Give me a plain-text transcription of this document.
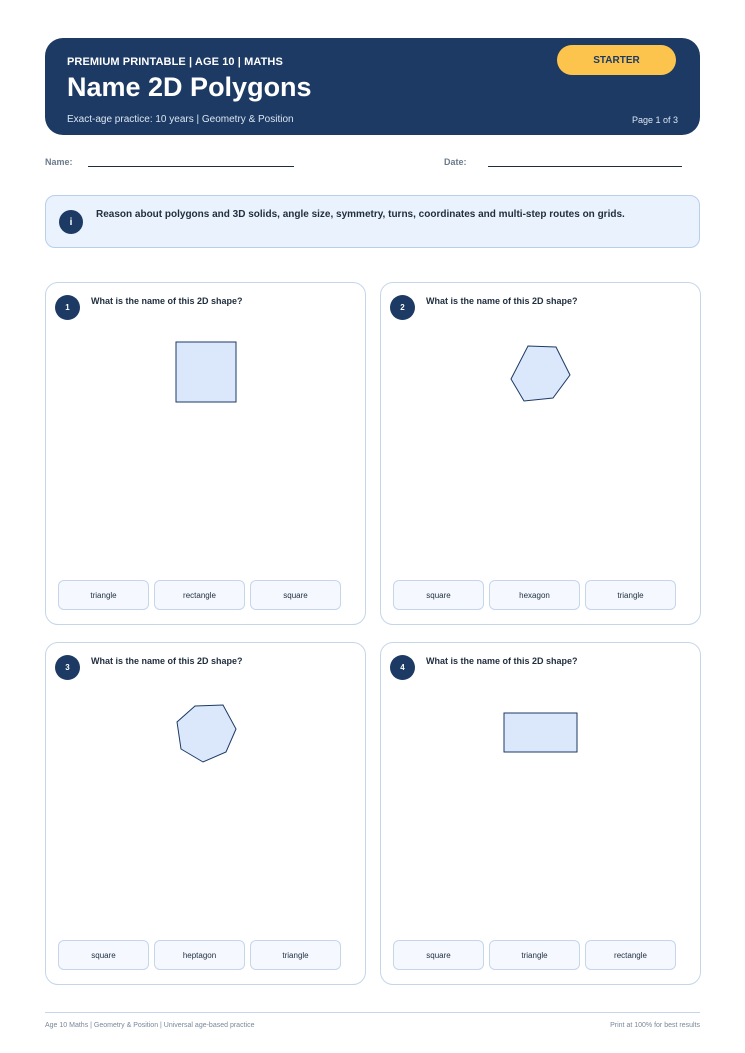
PREMIUM PRINTABLE | AGE 10 | MATHS
Name 2D Polygons
Exact-age practice: 10 years | Geometry & Position	Page 1 of 3
STARTER
Name:	Date:
i
Reason about polygons and 3D solids, angle size, symmetry, turns, coordinates and multi-step routes on grids.
1
What is the name of this 2D shape?
triangle	rectangle	square
2
What is the name of this 2D shape?
square	hexagon	triangle
3
What is the name of this 2D shape?
square	heptagon	triangle
4
What is the name of this 2D shape?
square	triangle	rectangle
Age 10 Maths | Geometry & Position | Universal age-based practice	Print at 100% for best results
